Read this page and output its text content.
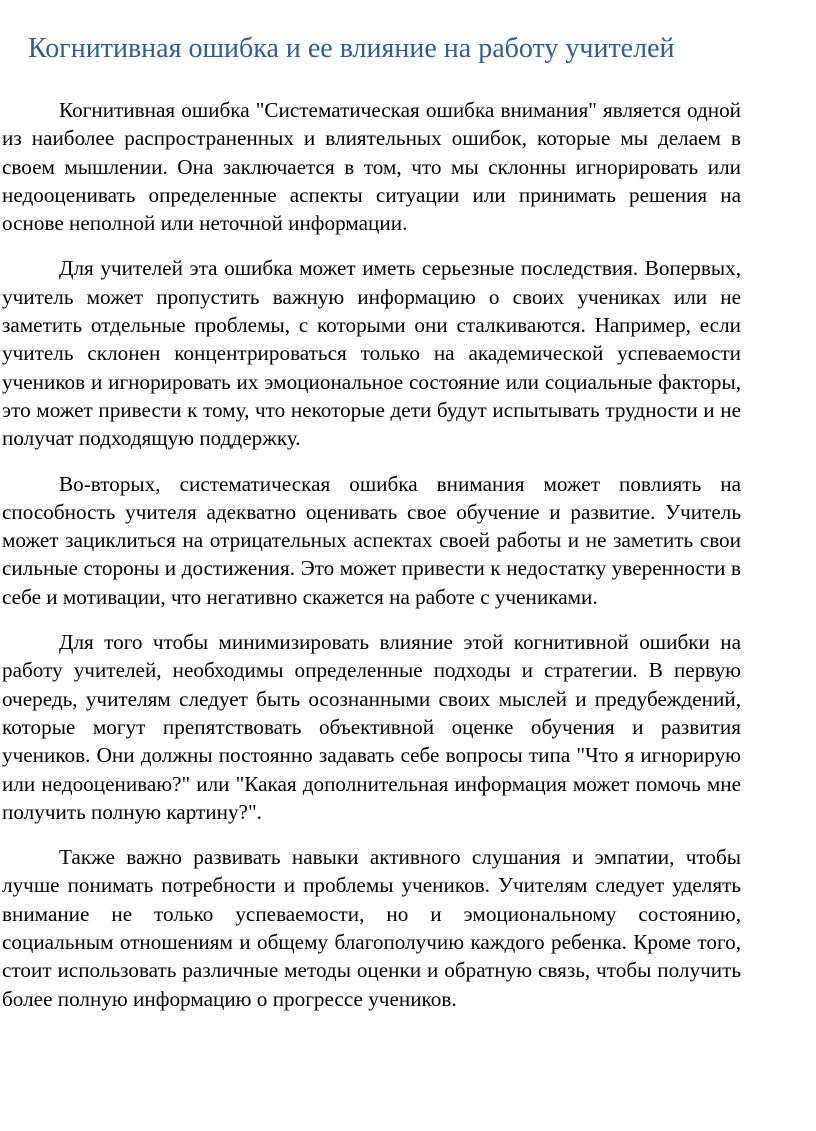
Когнитивная ошибка и ее влияние на работу учителей

Когнитивная ошибка "Систематическая ошибка внимания" является одной из наиболее распространенных и влиятельных ошибок, которые мы делаем в своем мышлении. Она заключается в том, что мы склонны игнорировать или недооценивать определенные аспекты ситуации или принимать решения на основе неполной или неточной информации.

Для учителей эта ошибка может иметь серьезные последствия. Вопервых, учитель может пропустить важную информацию о своих учениках или не заметить отдельные проблемы, с которыми они сталкиваются. Например, если учитель склонен концентрироваться только на академической успеваемости учеников и игнорировать их эмоциональное состояние или социальные факторы, это может привести к тому, что некоторые дети будут испытывать трудности и не получат подходящую поддержку.

Во-вторых, систематическая ошибка внимания может повлиять на способность учителя адекватно оценивать свое обучение и развитие. Учитель может зациклиться на отрицательных аспектах своей работы и не заметить свои сильные стороны и достижения. Это может привести к недостатку уверенности в себе и мотивации, что негативно скажется на работе с учениками.

Для того чтобы минимизировать влияние этой когнитивной ошибки на работу учителей, необходимы определенные подходы и стратегии. В первую очередь, учителям следует быть осознанными своих мыслей и предубеждений, которые могут препятствовать объективной оценке обучения и развития учеников. Они должны постоянно задавать себе вопросы типа "Что я игнорирую или недооцениваю?" или "Какая дополнительная информация может помочь мне получить полную картину?".

Также важно развивать навыки активного слушания и эмпатии, чтобы лучше понимать потребности и проблемы учеников. Учителям следует уделять внимание не только успеваемости, но и эмоциональному состоянию, социальным отношениям и общему благополучию каждого ребенка. Кроме того, стоит использовать различные методы оценки и обратную связь, чтобы получить более полную информацию о прогрессе учеников.
